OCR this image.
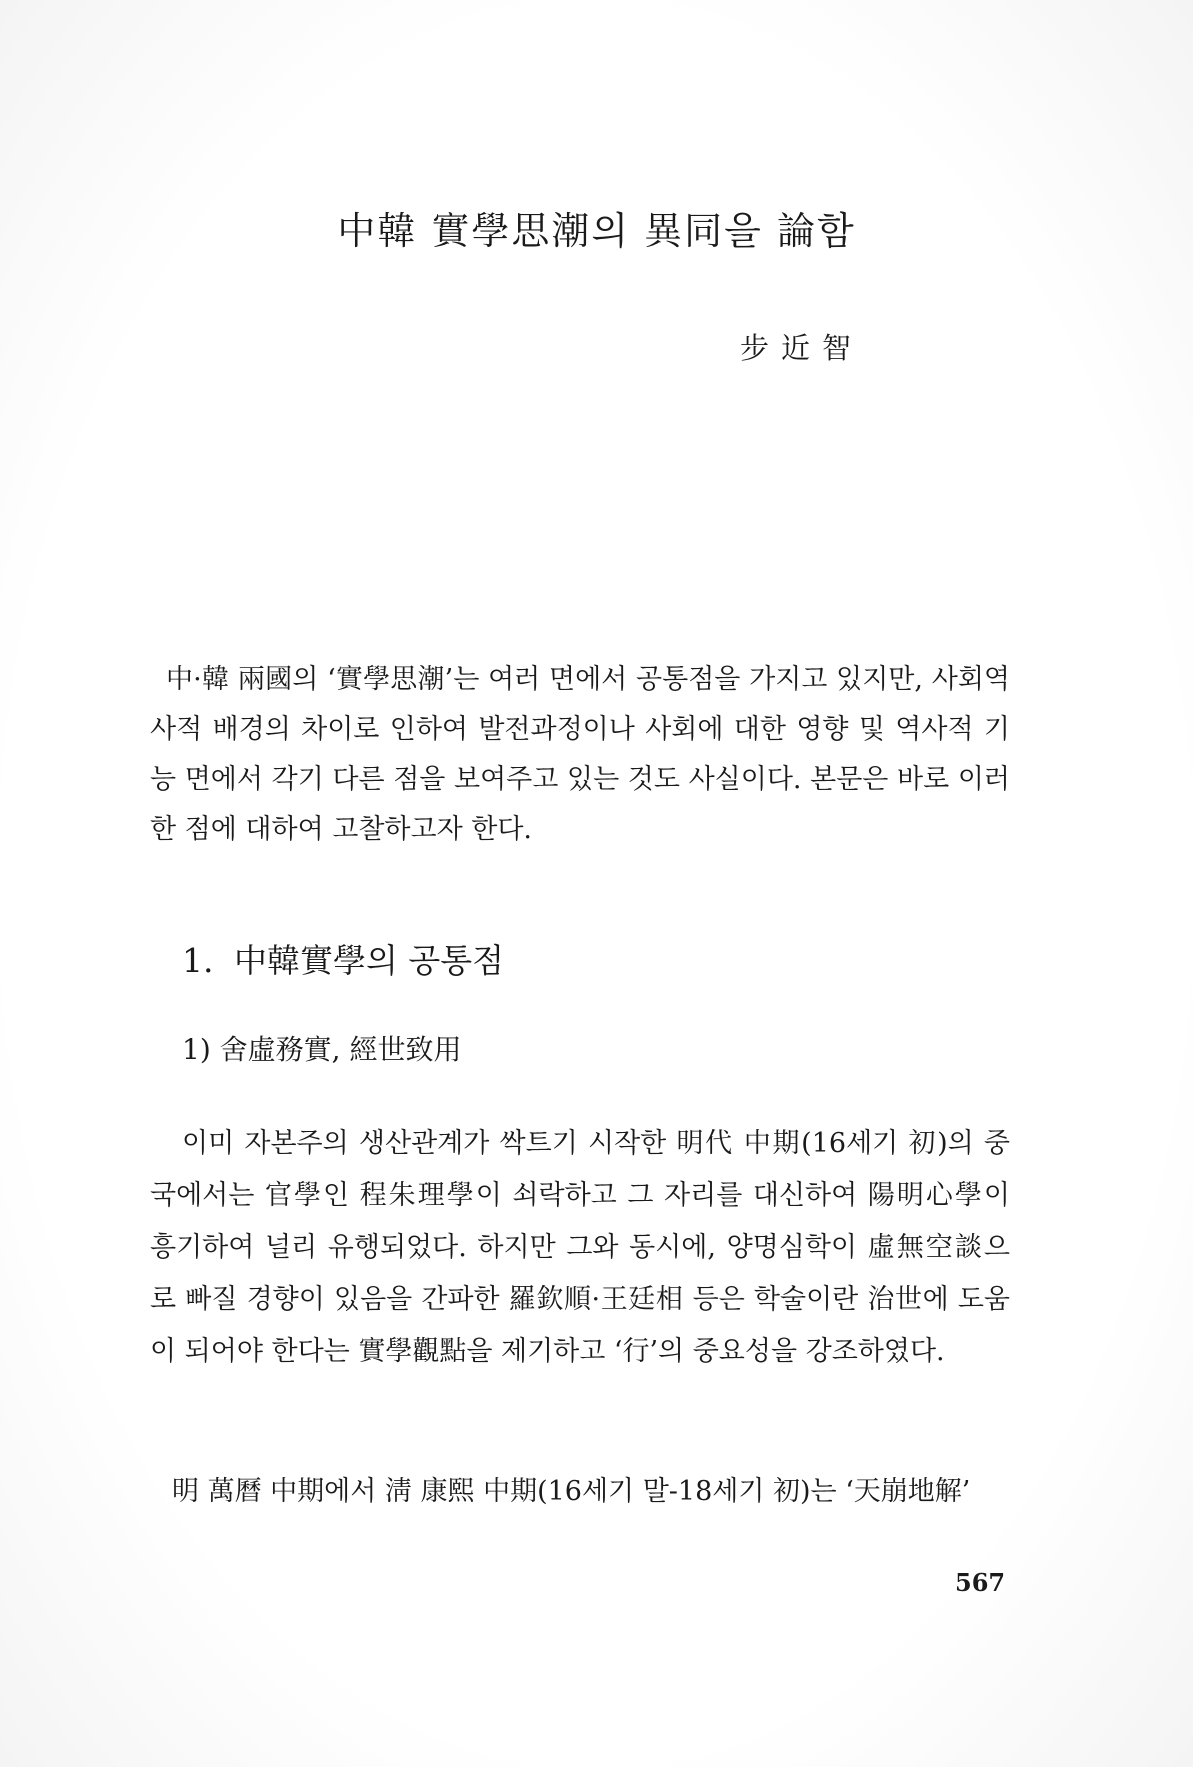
中韓 實學思潮의 異同을 論함
步近智

中·韓 兩國의 ‘實學思潮’는 여러 면에서 공통점을 가지고 있지만, 사회역사적 배경의 차이로 인하여 발전과정이나 사회에 대한 영향 및 역사적 기능 면에서 각기 다른 점을 보여주고 있는 것도 사실이다. 본문은 바로 이러한 점에 대하여 고찰하고자 한다.

1. 中韓實學의 공통점
1) 舍虛務實, 經世致用

이미 자본주의 생산관계가 싹트기 시작한 明代 中期(16세기 初)의 중국에서는 官學인 程朱理學이 쇠락하고 그 자리를 대신하여 陽明心學이 흥기하여 널리 유행되었다. 하지만 그와 동시에, 양명심학이 虛無空談으로 빠질 경향이 있음을 간파한 羅欽順·王廷相 등은 학술이란 治世에 도움이 되어야 한다는 實學觀點을 제기하고 ‘行’의 중요성을 강조하였다.

明 萬曆 中期에서 淸 康熙 中期(16세기 말-18세기 初)는 ‘天崩地解’

567
